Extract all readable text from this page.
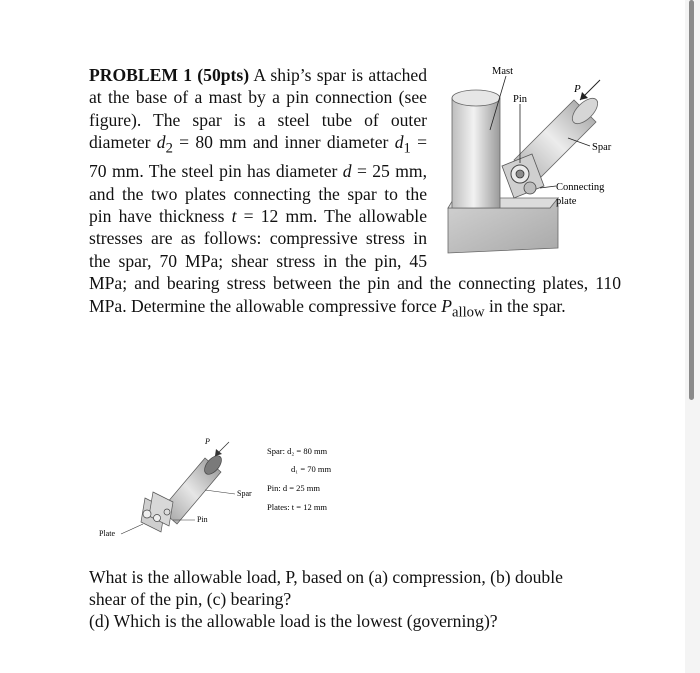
PROBLEM 1 (50pts) A ship’s spar is attached at the base of a mast by a pin connection (see figure). The spar is a steel tube of outer diameter $d_2 = 80$ mm and inner diameter $d_1 = 70$ mm. The steel pin has diameter d = 25 mm, and the two plates connecting the spar to the pin have thickness t = 12 mm. The allowable stresses are as follows: compressive stress in the spar, 70 MPa; shear stress in the pin, 45 MPa; and bearing stress between the pin and the connecting plates, 110 MPa. Determine the allowable compressive force $P_{allow}$ in the spar.
Mast
Pin
P
Spar
Connecting
plate
P
Spar
Pin
Plate
Spar: d₂ = 80 mm
d₁ = 70 mm
Pin: d = 25 mm
Plates: t = 12 mm
What is the allowable load, P, based on (a) compression, (b) double
shear of the pin, (c) bearing?
(d) Which is the allowable load is the lowest (governing)?
